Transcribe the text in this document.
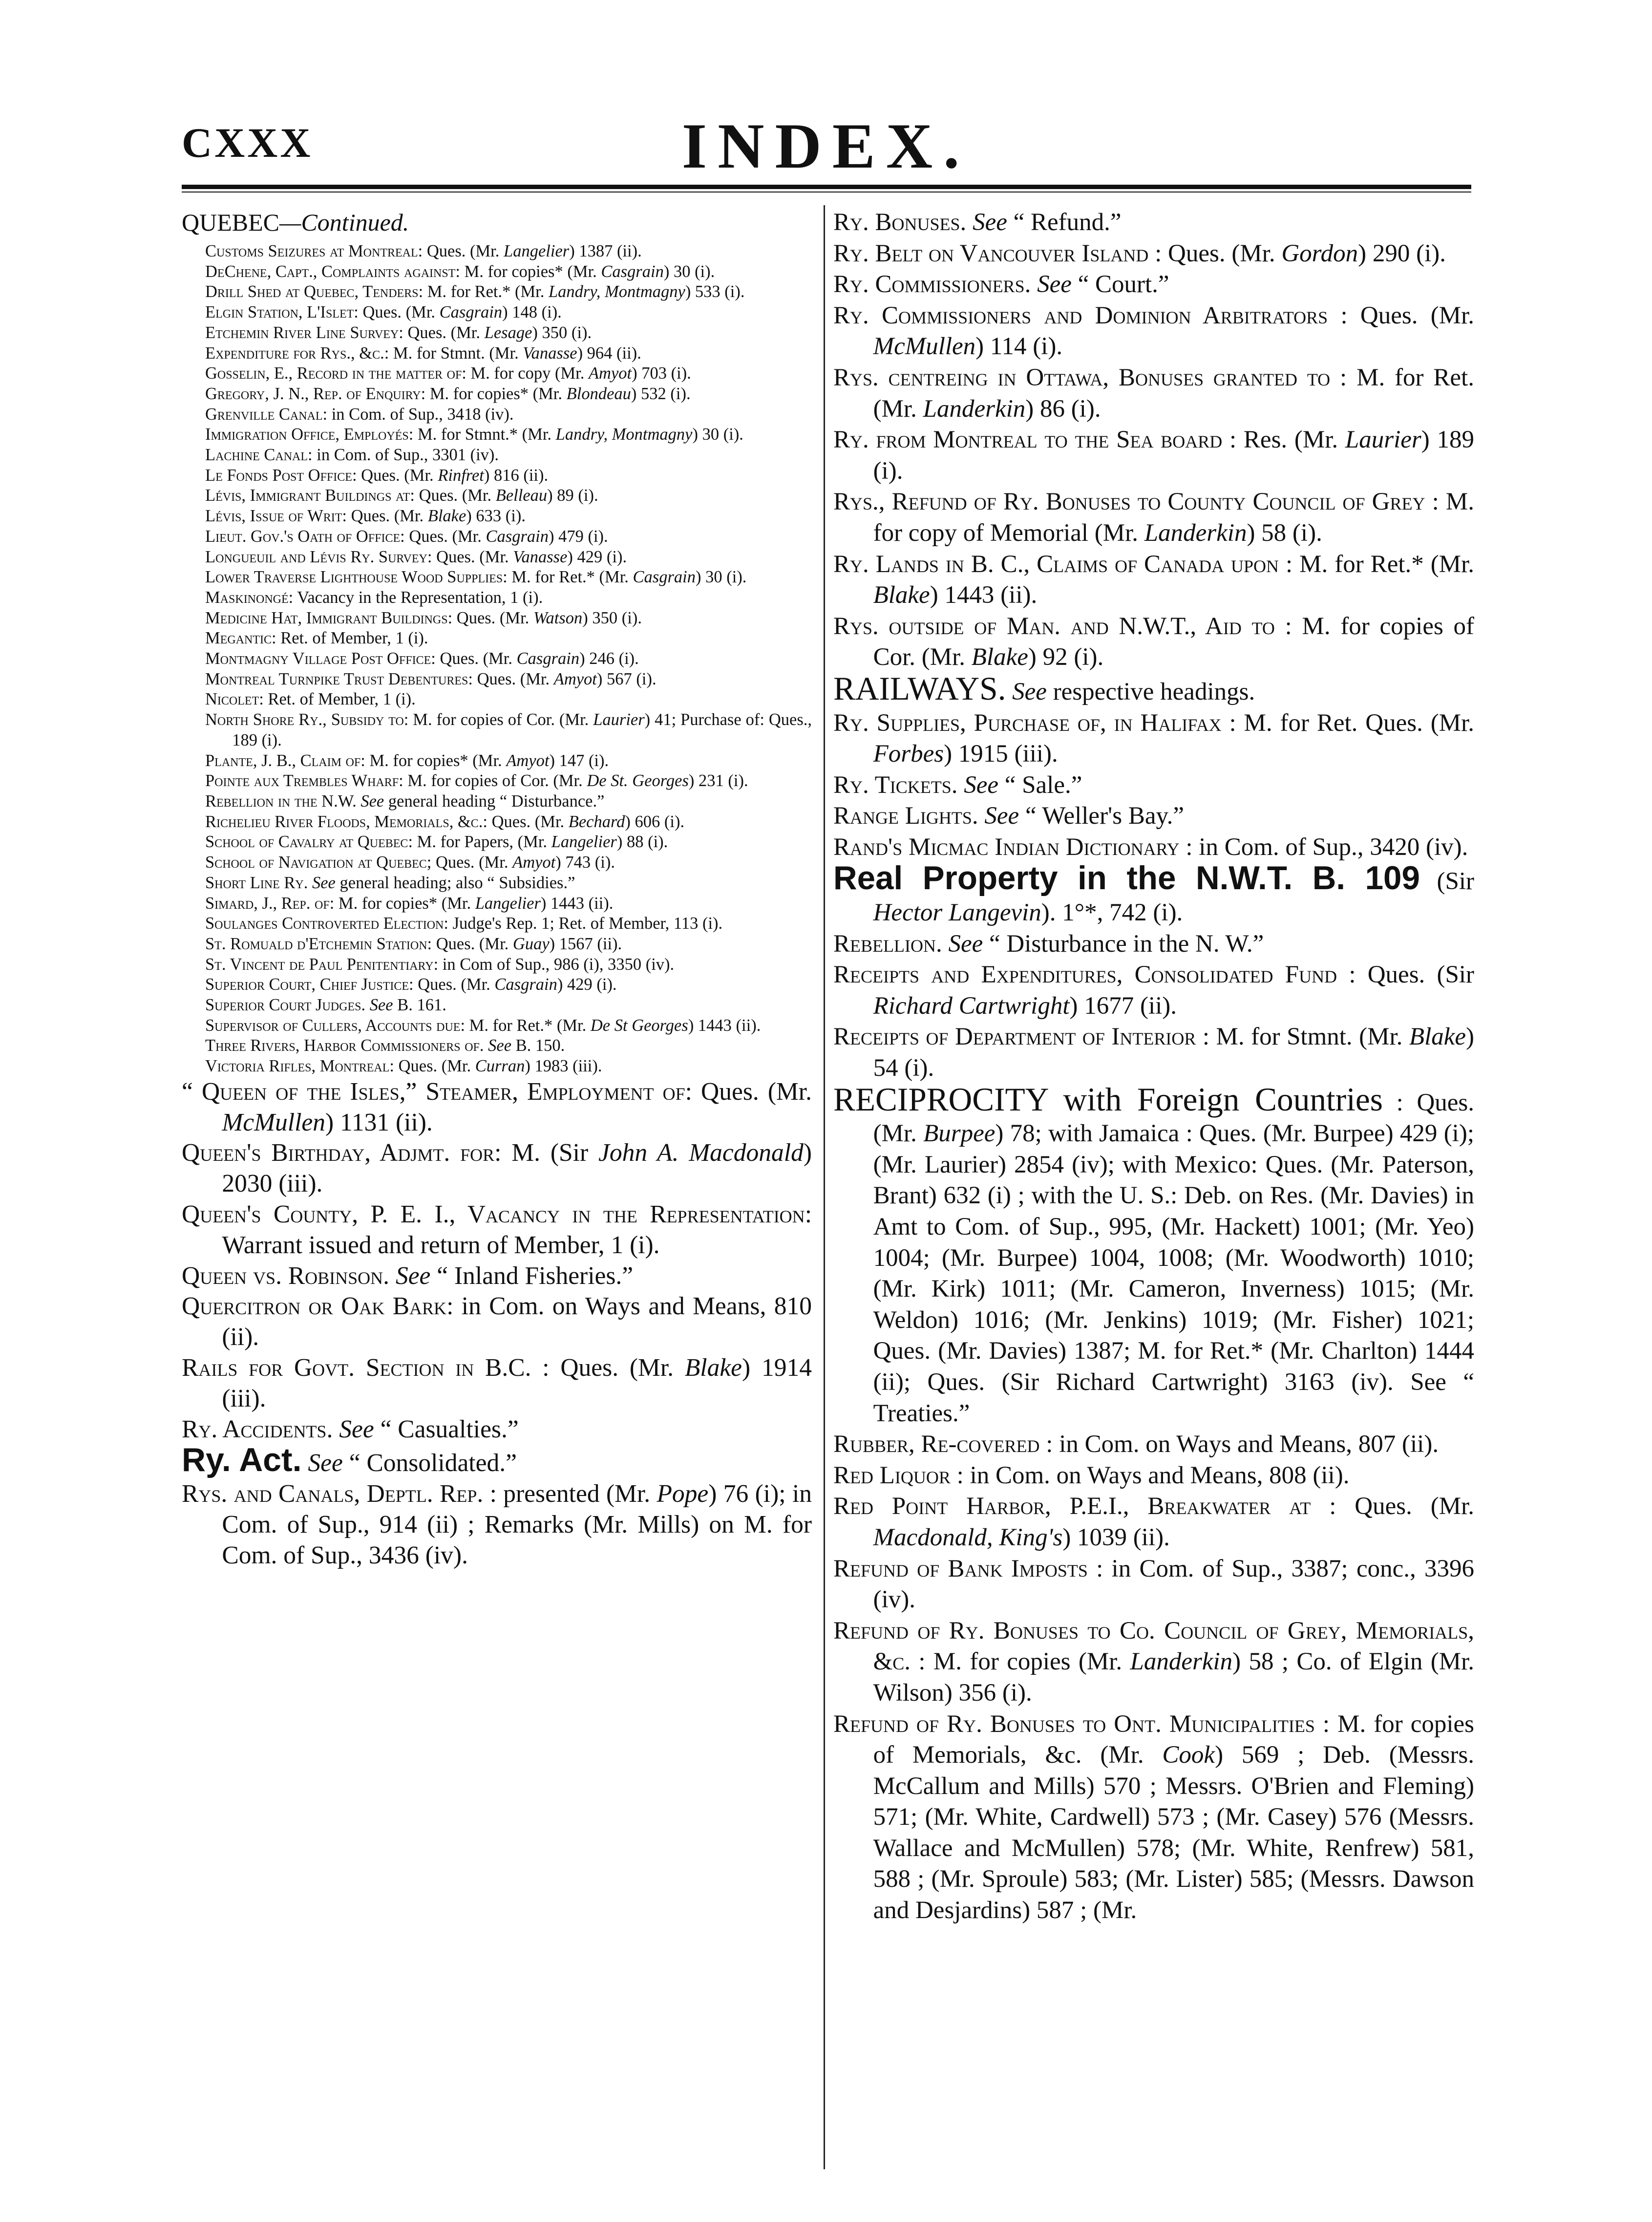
CXXX	INDEX.
QUEBEC—Continued.

Customs Seizures at Montreal: Ques. (Mr. Langelier) 1387 (ii).

DeChene, Capt., Complaints against: M. for copies* (Mr. Casgrain) 30 (i).

Drill Shed at Quebec, Tenders: M. for Ret.* (Mr. Landry, Montmagny) 533 (i).

Elgin Station, L'Islet: Ques. (Mr. Casgrain) 148 (i).

Etchemin River Line Survey: Ques. (Mr. Lesage) 350 (i).

Expenditure for Rys., &c.: M. for Stmnt. (Mr. Vanasse) 964 (ii).

Gosselin, E., Record in the matter of: M. for copy (Mr. Amyot) 703 (i).

Gregory, J. N., Rep. of Enquiry: M. for copies* (Mr. Blondeau) 532 (i).

Grenville Canal: in Com. of Sup., 3418 (iv).

Immigration Office, Employés: M. for Stmnt.* (Mr. Landry, Montmagny) 30 (i).

Lachine Canal: in Com. of Sup., 3301 (iv).

Le Fonds Post Office: Ques. (Mr. Rinfret) 816 (ii).

Lévis, Immigrant Buildings at: Ques. (Mr. Belleau) 89 (i).

Lévis, Issue of Writ: Ques. (Mr. Blake) 633 (i).

Lieut. Gov.'s Oath of Office: Ques. (Mr. Casgrain) 479 (i).

Longueuil and Lévis Ry. Survey: Ques. (Mr. Vanasse) 429 (i).

Lower Traverse Lighthouse Wood Supplies: M. for Ret.* (Mr. Casgrain) 30 (i).

Maskinongé: Vacancy in the Representation, 1 (i).

Medicine Hat, Immigrant Buildings: Ques. (Mr. Watson) 350 (i).

Megantic: Ret. of Member, 1 (i).

Montmagny Village Post Office: Ques. (Mr. Casgrain) 246 (i).

Montreal Turnpike Trust Debentures: Ques. (Mr. Amyot) 567 (i).

Nicolet: Ret. of Member, 1 (i).

North Shore Ry., Subsidy to: M. for copies of Cor. (Mr. Laurier) 41; Purchase of: Ques., 189 (i).

Plante, J. B., Claim of: M. for copies* (Mr. Amyot) 147 (i).

Pointe aux Trembles Wharf: M. for copies of Cor. (Mr. De St. Georges) 231 (i).

Rebellion in the N.W. See general heading “ Disturbance.”

Richelieu River Floods, Memorials, &c.: Ques. (Mr. Bechard) 606 (i).

School of Cavalry at Quebec: M. for Papers, (Mr. Langelier) 88 (i).

School of Navigation at Quebec; Ques. (Mr. Amyot) 743 (i).

Short Line Ry. See general heading; also “ Subsidies.”

Simard, J., Rep. of: M. for copies* (Mr. Langelier) 1443 (ii).

Soulanges Controverted Election: Judge's Rep. 1; Ret. of Member, 113 (i).

St. Romuald d'Etchemin Station: Ques. (Mr. Guay) 1567 (ii).

St. Vincent de Paul Penitentiary: in Com of Sup., 986 (i), 3350 (iv).

Superior Court, Chief Justice: Ques. (Mr. Casgrain) 429 (i).

Superior Court Judges. See B. 161.

Supervisor of Cullers, Accounts due: M. for Ret.* (Mr. De St Georges) 1443 (ii).

Three Rivers, Harbor Commissioners of. See B. 150.

Victoria Rifles, Montreal: Ques. (Mr. Curran) 1983 (iii).

“ Queen of the Isles,” Steamer, Employment of: Ques. (Mr. McMullen) 1131 (ii).

Queen's Birthday, Adjmt. for: M. (Sir John A. Macdonald) 2030 (iii).

Queen's County, P. E. I., Vacancy in the Representation: Warrant issued and return of Member, 1 (i).

Queen vs. Robinson. See “ Inland Fisheries.”

Quercitron or Oak Bark: in Com. on Ways and Means, 810 (ii).

Rails for Govt. Section in B.C. : Ques. (Mr. Blake) 1914 (iii).

Ry. Accidents. See “ Casualties.”

Ry. Act. See “ Consolidated.”

Rys. and Canals, Deptl. Rep. : presented (Mr. Pope) 76 (i); in Com. of Sup., 914 (ii) ; Remarks (Mr. Mills) on M. for Com. of Sup., 3436 (iv).

Ry. Bonuses. See “ Refund.”

Ry. Belt on Vancouver Island : Ques. (Mr. Gordon) 290 (i).

Ry. Commissioners. See “ Court.”

Ry. Commissioners and Dominion Arbitrators : Ques. (Mr. McMullen) 114 (i).

Rys. centreing in Ottawa, Bonuses granted to : M. for Ret. (Mr. Landerkin) 86 (i).

Ry. from Montreal to the Sea board : Res. (Mr. Laurier) 189 (i).

Rys., Refund of Ry. Bonuses to County Council of Grey : M. for copy of Memorial (Mr. Landerkin) 58 (i).

Ry. Lands in B. C., Claims of Canada upon : M. for Ret.* (Mr. Blake) 1443 (ii).

Rys. outside of Man. and N.W.T., Aid to : M. for copies of Cor. (Mr. Blake) 92 (i).

RAILWAYS. See respective headings.

Ry. Supplies, Purchase of, in Halifax : M. for Ret. Ques. (Mr. Forbes) 1915 (iii).

Ry. Tickets. See “ Sale.”

Range Lights. See “ Weller's Bay.”

Rand's Micmac Indian Dictionary : in Com. of Sup., 3420 (iv).

Real Property in the N.W.T. B. 109 (Sir Hector Langevin). 1°*, 742 (i).

Rebellion. See “ Disturbance in the N. W.”

Receipts and Expenditures, Consolidated Fund : Ques. (Sir Richard Cartwright) 1677 (ii).

Receipts of Department of Interior : M. for Stmnt. (Mr. Blake) 54 (i).

RECIPROCITY with Foreign Countries : Ques. (Mr. Burpee) 78; with Jamaica : Ques. (Mr. Burpee) 429 (i); (Mr. Laurier) 2854 (iv); with Mexico: Ques. (Mr. Paterson, Brant) 632 (i) ; with the U. S.: Deb. on Res. (Mr. Davies) in Amt to Com. of Sup., 995, (Mr. Hackett) 1001; (Mr. Yeo) 1004; (Mr. Burpee) 1004, 1008; (Mr. Woodworth) 1010; (Mr. Kirk) 1011; (Mr. Cameron, Inverness) 1015; (Mr. Weldon) 1016; (Mr. Jenkins) 1019; (Mr. Fisher) 1021; Ques. (Mr. Davies) 1387; M. for Ret.* (Mr. Charlton) 1444 (ii); Ques. (Sir Richard Cartwright) 3163 (iv). See “ Treaties.”

Rubber, Re-covered : in Com. on Ways and Means, 807 (ii).

Red Liquor : in Com. on Ways and Means, 808 (ii).

Red Point Harbor, P.E.I., Breakwater at : Ques. (Mr. Macdonald, King's) 1039 (ii).

Refund of Bank Imposts : in Com. of Sup., 3387; conc., 3396 (iv).

Refund of Ry. Bonuses to Co. Council of Grey, Memorials, &c. : M. for copies (Mr. Landerkin) 58 ; Co. of Elgin (Mr. Wilson) 356 (i).

Refund of Ry. Bonuses to Ont. Municipalities : M. for copies of Memorials, &c. (Mr. Cook) 569 ; Deb. (Messrs. McCallum and Mills) 570 ; Messrs. O'Brien and Fleming) 571; (Mr. White, Cardwell) 573 ; (Mr. Casey) 576 (Messrs. Wallace and McMullen) 578; (Mr. White, Renfrew) 581, 588 ; (Mr. Sproule) 583; (Mr. Lister) 585; (Messrs. Dawson and Desjardins) 587 ; (Mr.
